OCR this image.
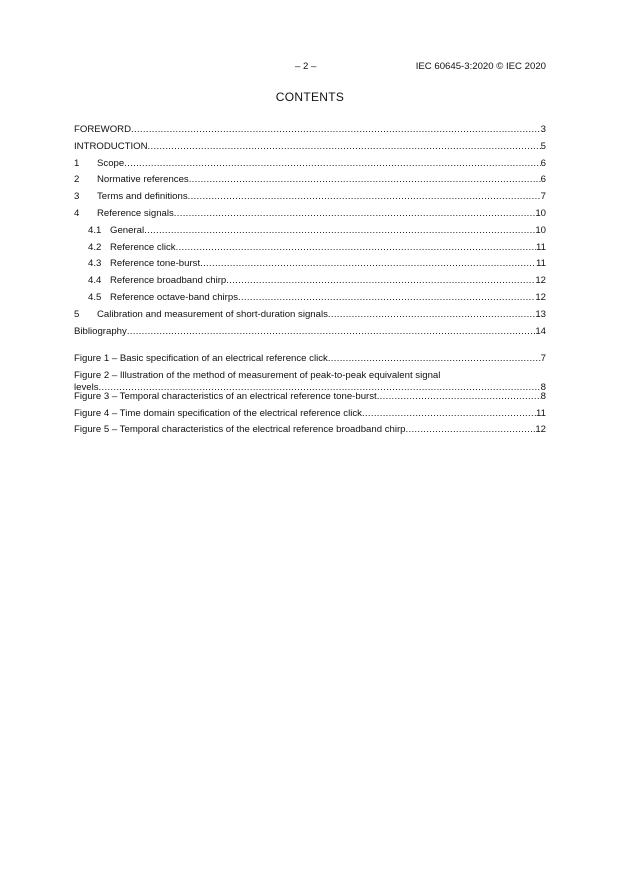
– 2 –	IEC 60645-3:2020 © IEC 2020
CONTENTS
FOREWORD .....	3
INTRODUCTION .....	5
1	Scope .....	6
2	Normative references .....	6
3	Terms and definitions .....	7
4	Reference signals .....	10
4.1 General .....	10
4.2 Reference click .....	11
4.3 Reference tone-burst .....	11
4.4 Reference broadband chirp .....	12
4.5 Reference octave-band chirps .....	12
5	Calibration and measurement of short-duration signals .....	13
Bibliography .....	14
Figure 1 – Basic specification of an electrical reference click .....	7
Figure 2 – Illustration of the method of measurement of peak-to-peak equivalent signal
levels .....	8
Figure 3 – Temporal characteristics of an electrical reference tone-burst .....	8
Figure 4 – Time domain specification of the electrical reference click .....	11
Figure 5 – Temporal characteristics of the electrical reference broadband chirp .....	12
